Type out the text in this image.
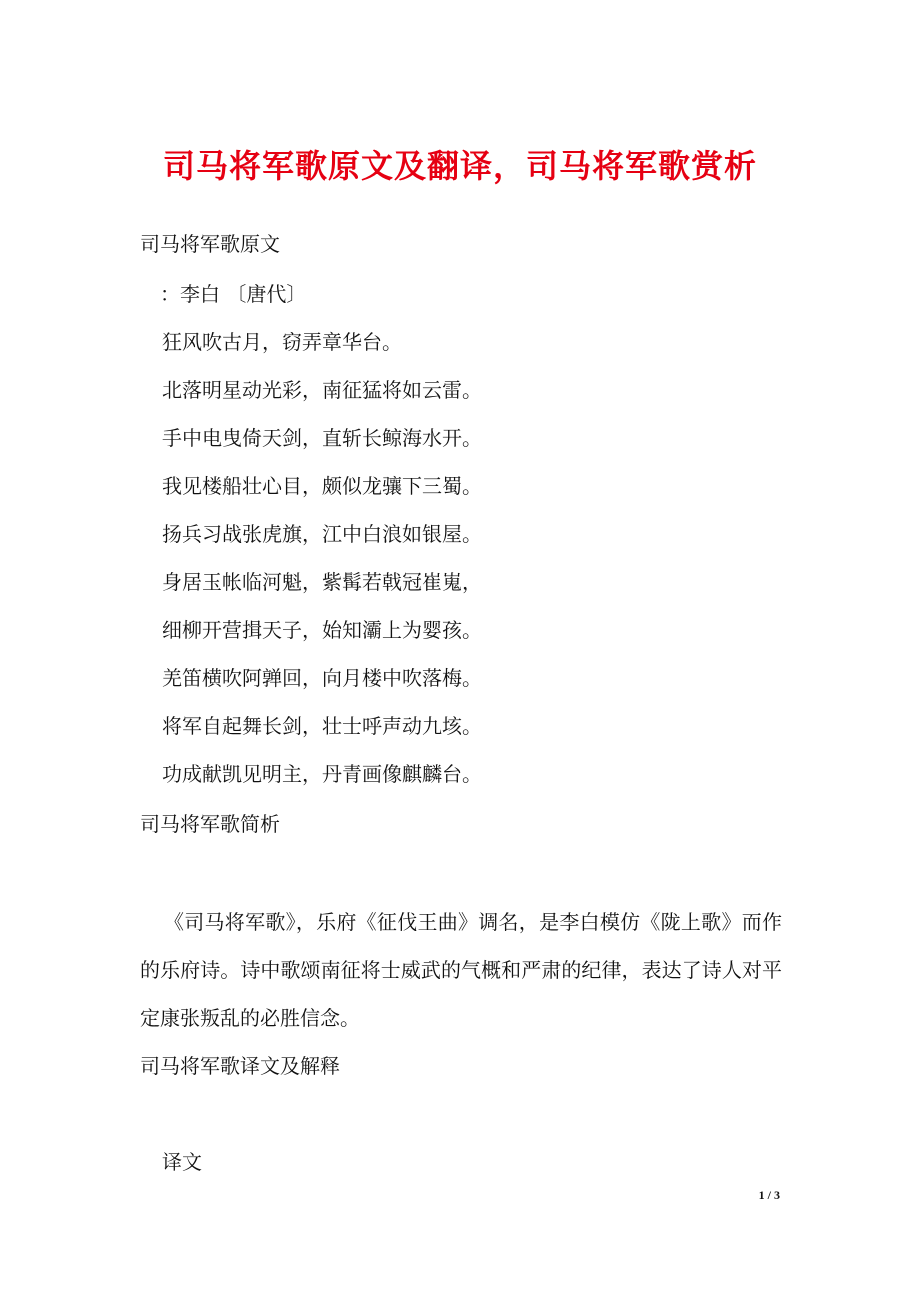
司马将军歌原文及翻译，司马将军歌赏析
司马将军歌原文
：李白 〔唐代〕
狂风吹古月，窃弄章华台。
北落明星动光彩，南征猛将如云雷。
手中电曳倚天剑，直斩长鲸海水开。
我见楼船壮心目，颇似龙骧下三蜀。
扬兵习战张虎旗，江中白浪如银屋。
身居玉帐临河魁，紫髯若戟冠崔嵬，
细柳开营揖天子，始知灞上为婴孩。
羌笛横吹阿亸回，向月楼中吹落梅。
将军自起舞长剑，壮士呼声动九垓。
功成献凯见明主，丹青画像麒麟台。
司马将军歌简析
《司马将军歌》，乐府《征伐王曲》调名，是李白模仿《陇上歌》而作的乐府诗。诗中歌颂南征将士威武的气概和严肃的纪律，表达了诗人对平定康张叛乱的必胜信念。
司马将军歌译文及解释
译文
1 / 3
